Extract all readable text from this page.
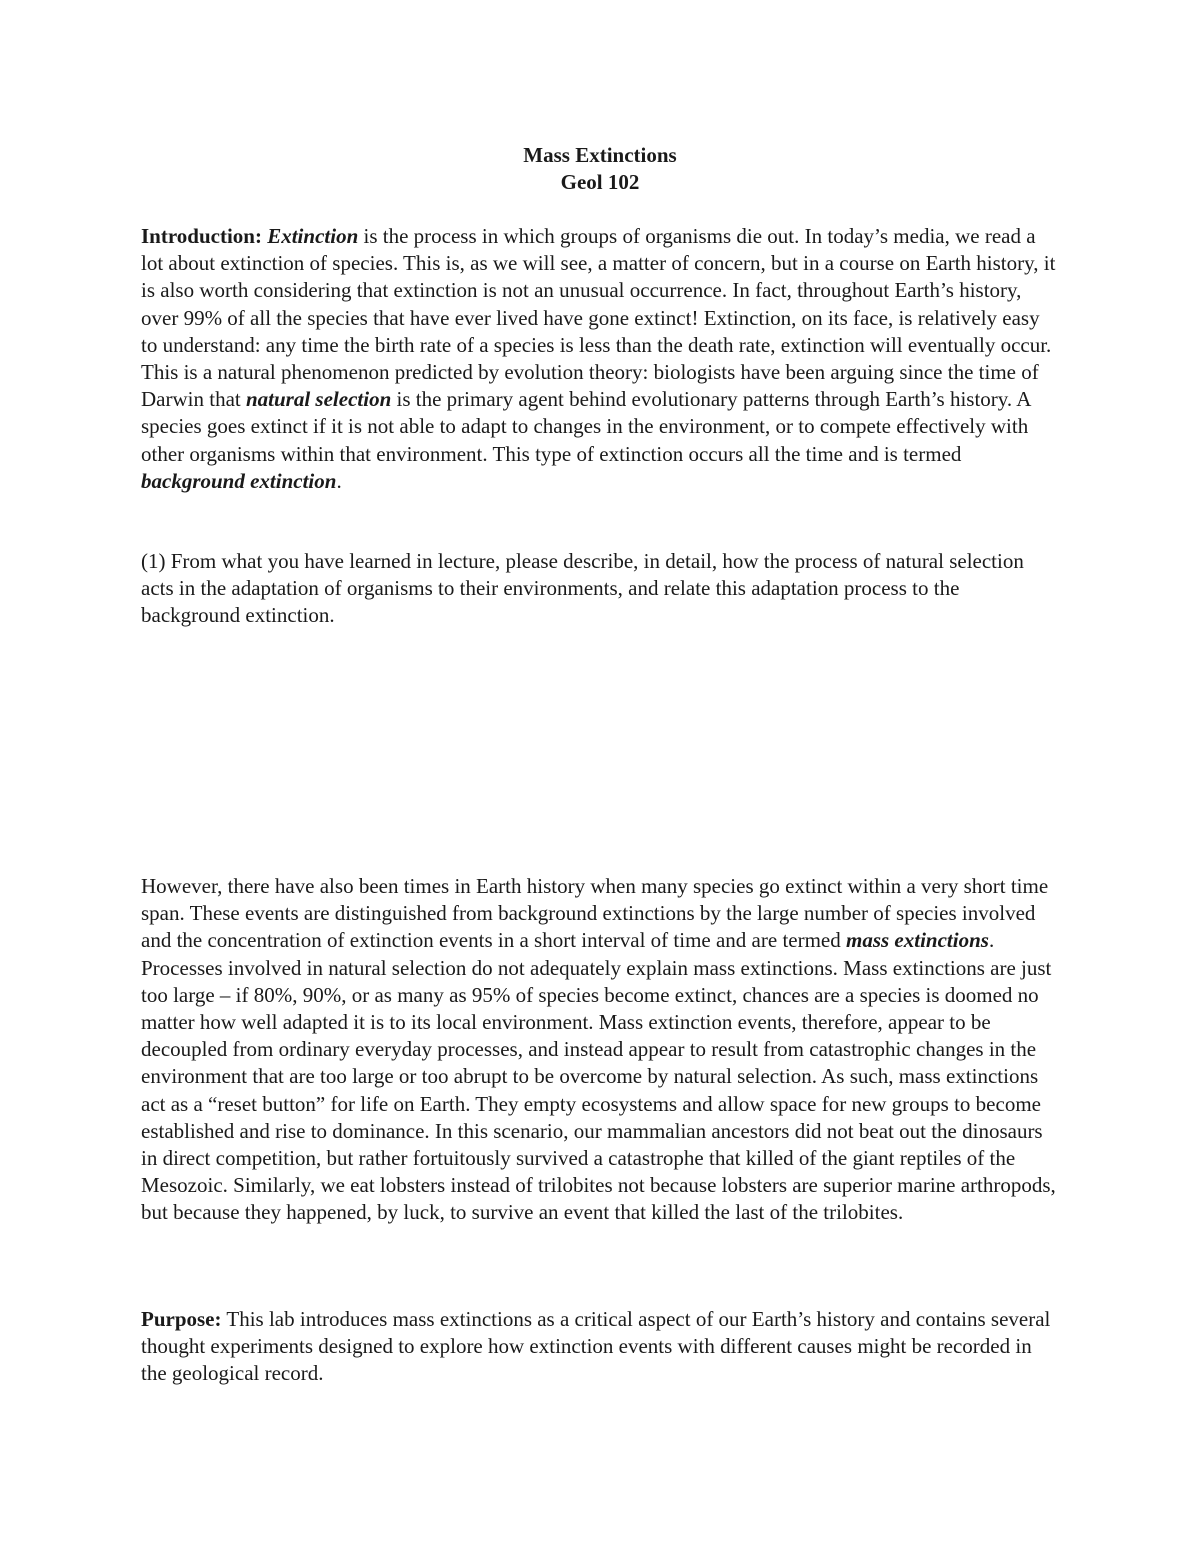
Mass Extinctions
Geol 102

Introduction: Extinction is the process in which groups of organisms die out. In today’s media, we read a lot about extinction of species. This is, as we will see, a matter of concern, but in a course on Earth history, it is also worth considering that extinction is not an unusual occurrence. In fact, throughout Earth’s history, over 99% of all the species that have ever lived have gone extinct! Extinction, on its face, is relatively easy to understand: any time the birth rate of a species is less than the death rate, extinction will eventually occur. This is a natural phenomenon predicted by evolution theory: biologists have been arguing since the time of Darwin that natural selection is the primary agent behind evolutionary patterns through Earth’s history. A species goes extinct if it is not able to adapt to changes in the environment, or to compete effectively with other organisms within that environment. This type of extinction occurs all the time and is termed background extinction.

(1) From what you have learned in lecture, please describe, in detail, how the process of natural selection acts in the adaptation of organisms to their environments, and relate this adaptation process to the background extinction.

However, there have also been times in Earth history when many species go extinct within a very short time span. These events are distinguished from background extinctions by the large number of species involved and the concentration of extinction events in a short interval of time and are termed mass extinctions. Processes involved in natural selection do not adequately explain mass extinctions. Mass extinctions are just too large – if 80%, 90%, or as many as 95% of species become extinct, chances are a species is doomed no matter how well adapted it is to its local environment. Mass extinction events, therefore, appear to be decoupled from ordinary everyday processes, and instead appear to result from catastrophic changes in the environment that are too large or too abrupt to be overcome by natural selection. As such, mass extinctions act as a “reset button” for life on Earth. They empty ecosystems and allow space for new groups to become established and rise to dominance. In this scenario, our mammalian ancestors did not beat out the dinosaurs in direct competition, but rather fortuitously survived a catastrophe that killed of the giant reptiles of the Mesozoic. Similarly, we eat lobsters instead of trilobites not because lobsters are superior marine arthropods, but because they happened, by luck, to survive an event that killed the last of the trilobites.

Purpose: This lab introduces mass extinctions as a critical aspect of our Earth’s history and contains several thought experiments designed to explore how extinction events with different causes might be recorded in the geological record.
